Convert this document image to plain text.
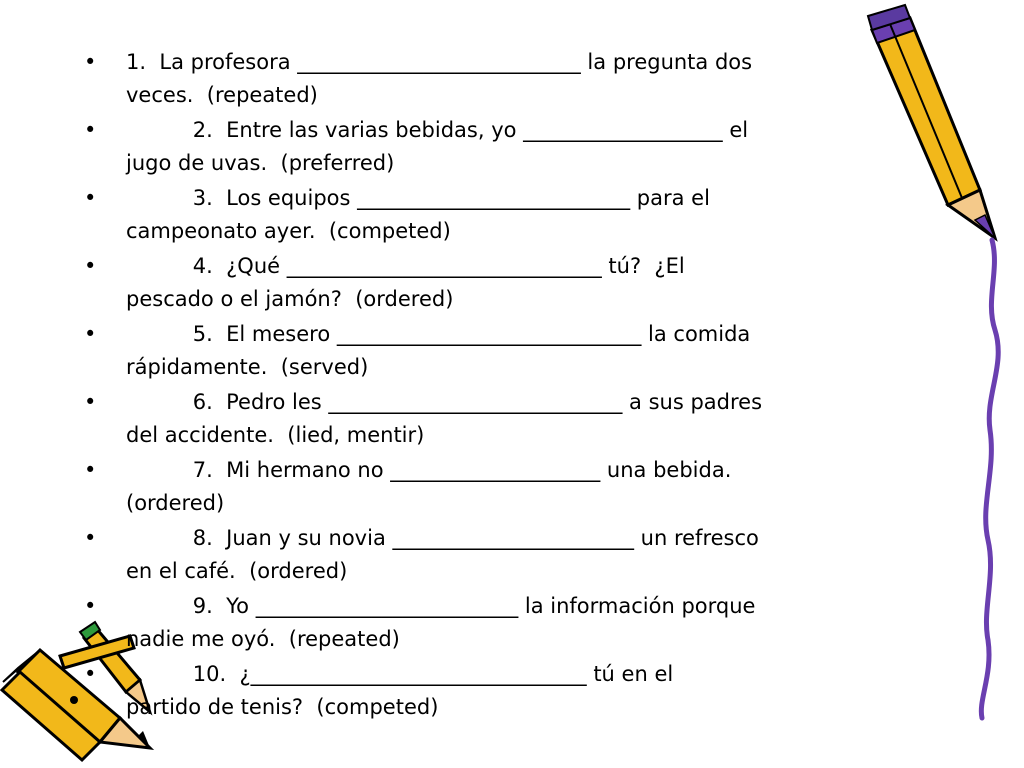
• 1.  La profesora ___________________________ la pregunta dos
veces.  (repeated)
• 2.  Entre las varias bebidas, yo ___________________ el
jugo de uvas.  (preferred)
• 3.  Los equipos __________________________ para el
campeonato ayer.  (competed)
• 4.  ¿Qué ______________________________ tú?  ¿El
pescado o el jamón?  (ordered)
• 5.  El mesero _____________________________ la comida
rápidamente.  (served)
• 6.  Pedro les ____________________________ a sus padres
del accidente.  (lied, mentir)
• 7.  Mi hermano no ____________________ una bebida.
(ordered)
• 8.  Juan y su novia _______________________ un refresco
en el café.  (ordered)
• 9.  Yo _________________________ la información porque
nadie me oyó.  (repeated)
• 10.  ¿________________________________ tú en el
partido de tenis?  (competed)
